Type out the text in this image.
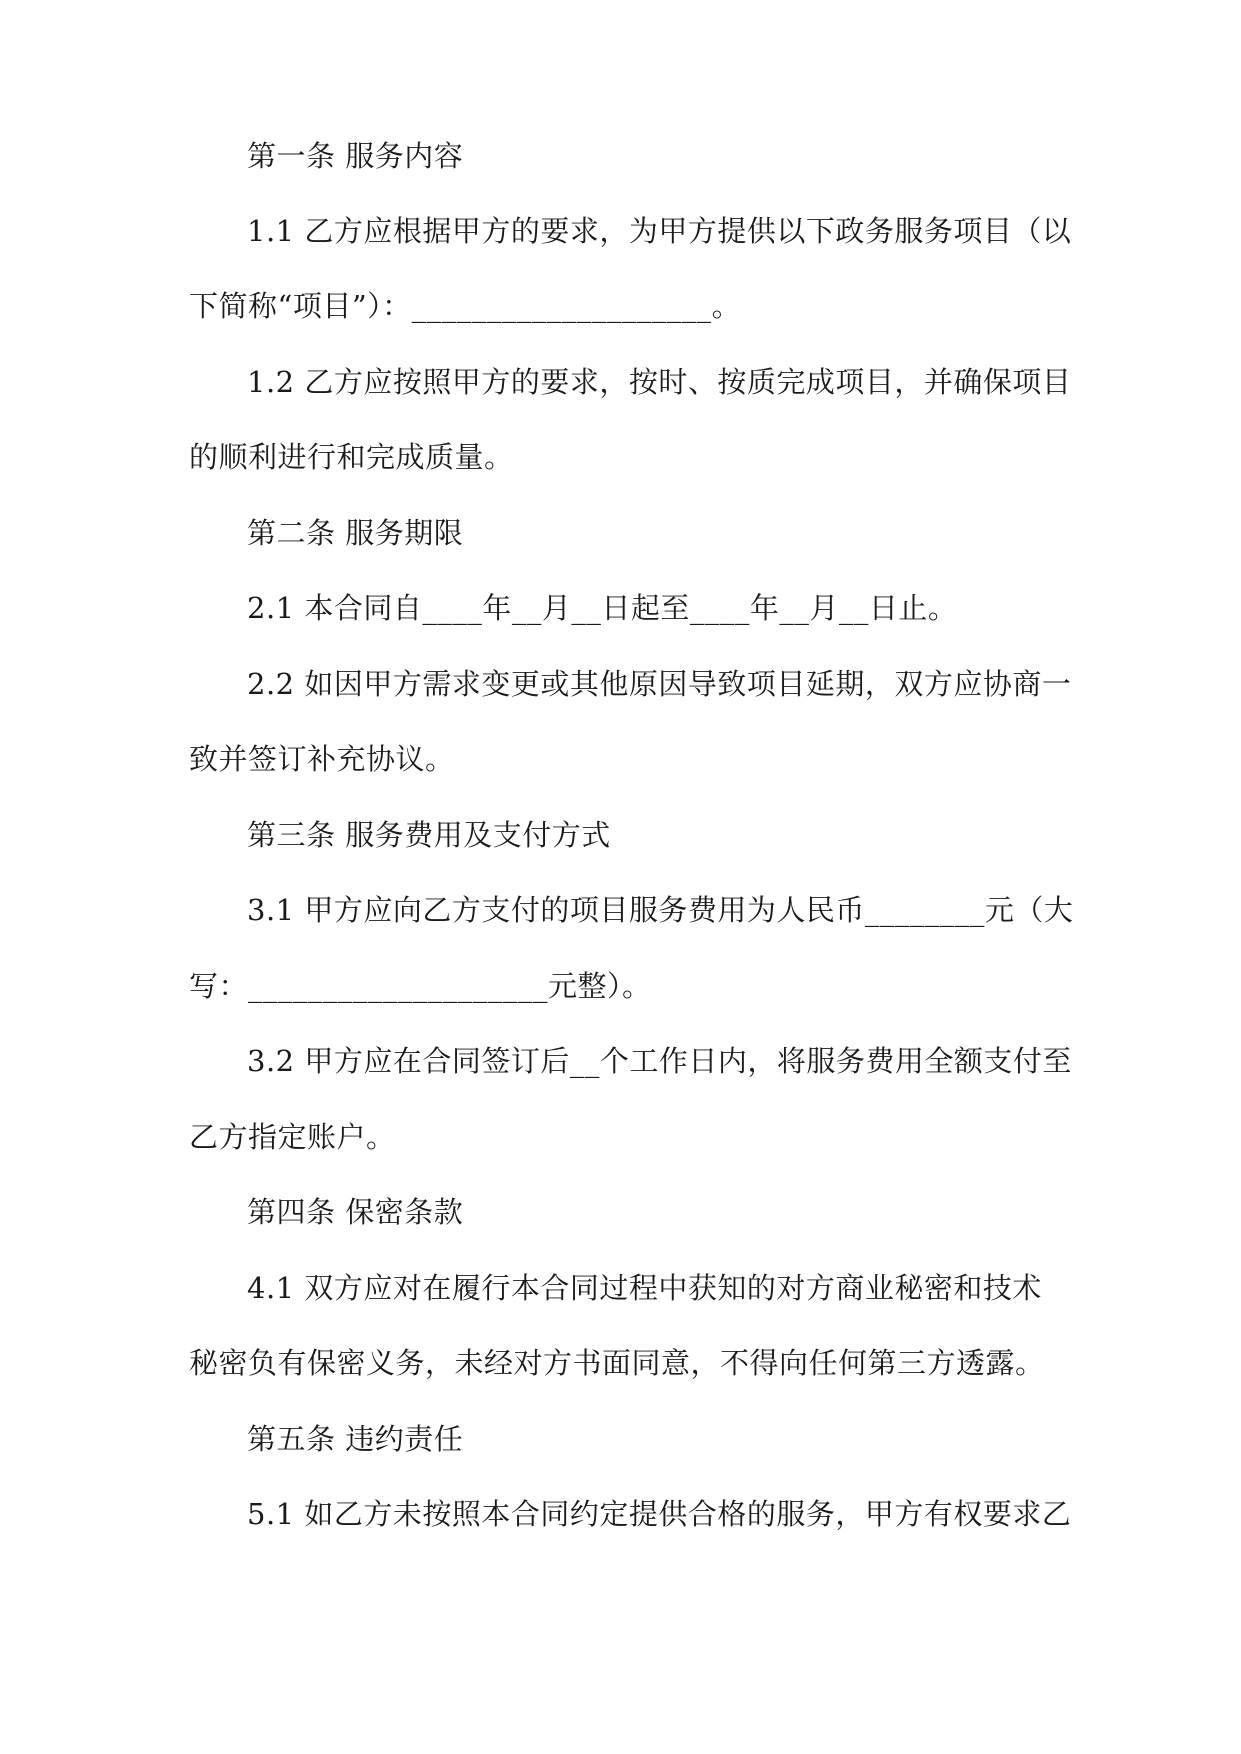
第一条 服务内容
1.1 乙方应根据甲方的要求，为甲方提供以下政务服务项目（以
下简称“项目”）：____________________。
1.2 乙方应按照甲方的要求，按时、按质完成项目，并确保项目
的顺利进行和完成质量。
第二条 服务期限
2.1 本合同自____年__月__日起至____年__月__日止。
2.2 如因甲方需求变更或其他原因导致项目延期，双方应协商一
致并签订补充协议。
第三条 服务费用及支付方式
3.1 甲方应向乙方支付的项目服务费用为人民币________元（大
写：____________________元整）。
3.2 甲方应在合同签订后__个工作日内，将服务费用全额支付至
乙方指定账户。
第四条 保密条款
4.1 双方应对在履行本合同过程中获知的对方商业秘密和技术
秘密负有保密义务，未经对方书面同意，不得向任何第三方透露。
第五条 违约责任
5.1 如乙方未按照本合同约定提供合格的服务，甲方有权要求乙
